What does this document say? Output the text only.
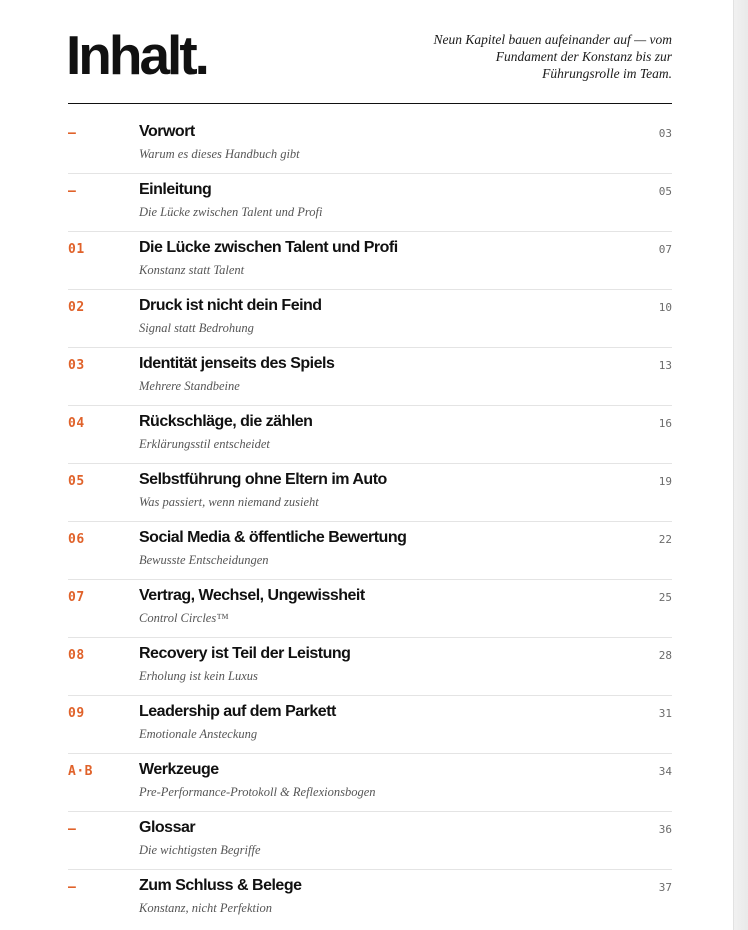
Inhalt.	Neun Kapitel bauen aufeinander auf — vom Fundament der Konstanz bis zur Führungsrolle im Team.
—	Vorwort
Warum es dieses Handbuch gibt
03
—	Einleitung
Die Lücke zwischen Talent und Profi
05
01	Die Lücke zwischen Talent und Profi
Konstanz statt Talent
07
02	Druck ist nicht dein Feind
Signal statt Bedrohung
10
03	Identität jenseits des Spiels
Mehrere Standbeine
13
04	Rückschläge, die zählen
Erklärungsstil entscheidet
16
05	Selbstführung ohne Eltern im Auto
Was passiert, wenn niemand zusieht
19
06	Social Media & öffentliche Bewertung
Bewusste Entscheidungen
22
07	Vertrag, Wechsel, Ungewissheit
Control Circles™
25
08	Recovery ist Teil der Leistung
Erholung ist kein Luxus
28
09	Leadership auf dem Parkett
Emotionale Ansteckung
31
A·B	Werkzeuge
Pre-Performance-Protokoll & Reflexionsbogen
34
—	Glossar
Die wichtigsten Begriffe
36
—	Zum Schluss & Belege
Konstanz, nicht Perfektion
37
